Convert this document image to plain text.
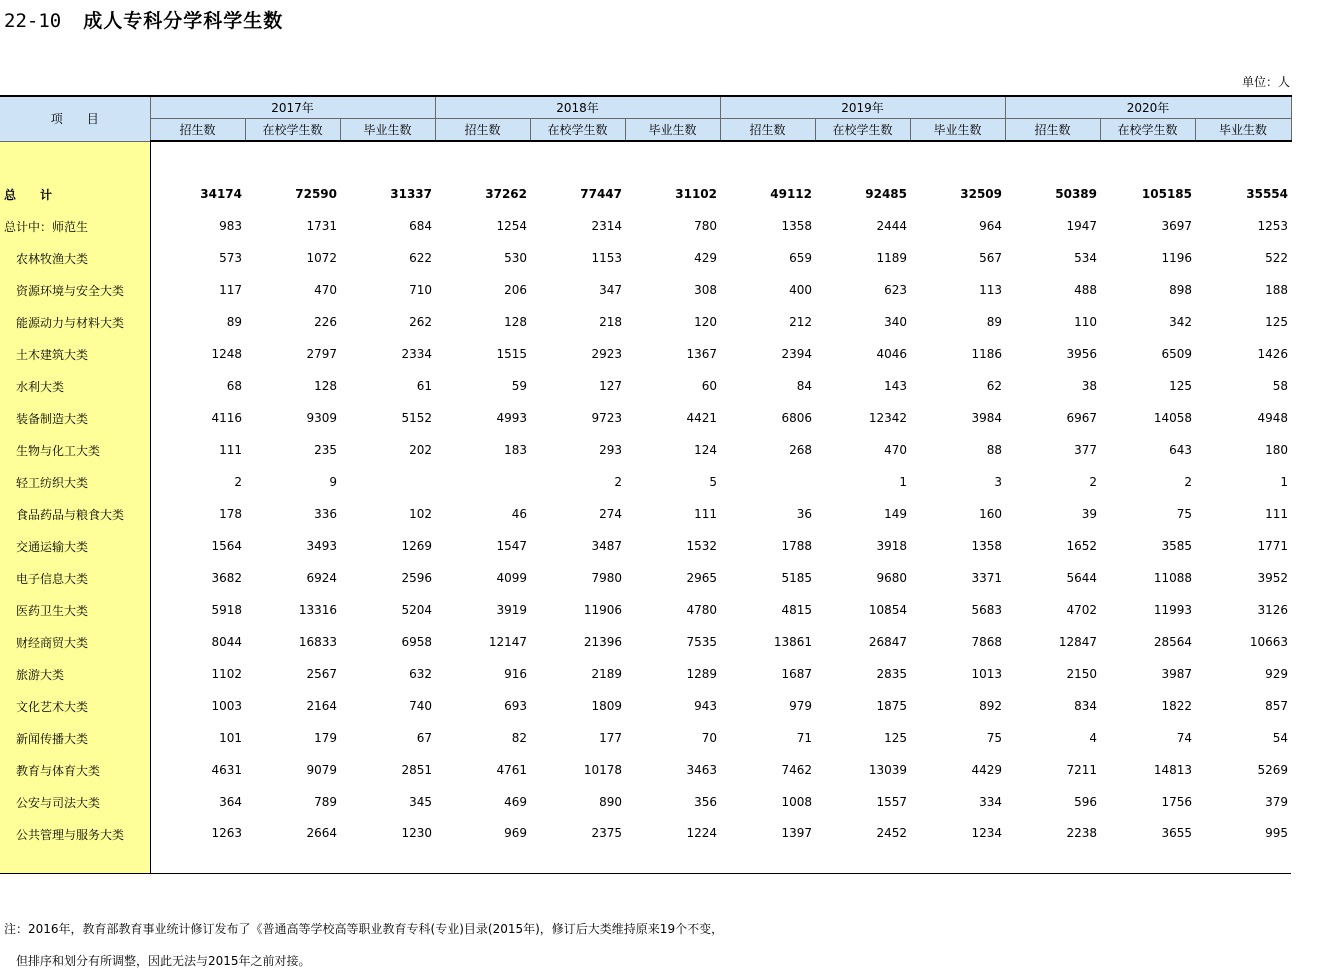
22-10 成人专科分学科学生数
单位：人
项　　目	2017年			2018年			2019年			2020年		
	招生数	在校学生数	毕业生数	招生数	在校学生数	毕业生数	招生数	在校学生数	毕业生数	招生数	在校学生数	毕业生数

总　　计	34174	72590	31337	37262	77447	31102	49112	92485	32509	50389	105185	35554
总计中：师范生	983	1731	684	1254	2314	780	1358	2444	964	1947	3697	1253
农林牧渔大类	573	1072	622	530	1153	429	659	1189	567	534	1196	522
资源环境与安全大类	117	470	710	206	347	308	400	623	113	488	898	188
能源动力与材料大类	89	226	262	128	218	120	212	340	89	110	342	125
土木建筑大类	1248	2797	2334	1515	2923	1367	2394	4046	1186	3956	6509	1426
水利大类	68	128	61	59	127	60	84	143	62	38	125	58
装备制造大类	4116	9309	5152	4993	9723	4421	6806	12342	3984	6967	14058	4948
生物与化工大类	111	235	202	183	293	124	268	470	88	377	643	180
轻工纺织大类	2	9			2	5		1	3	2	2	1
食品药品与粮食大类	178	336	102	46	274	111	36	149	160	39	75	111
交通运输大类	1564	3493	1269	1547	3487	1532	1788	3918	1358	1652	3585	1771
电子信息大类	3682	6924	2596	4099	7980	2965	5185	9680	3371	5644	11088	3952
医药卫生大类	5918	13316	5204	3919	11906	4780	4815	10854	5683	4702	11993	3126
财经商贸大类	8044	16833	6958	12147	21396	7535	13861	26847	7868	12847	28564	10663
旅游大类	1102	2567	632	916	2189	1289	1687	2835	1013	2150	3987	929
文化艺术大类	1003	2164	740	693	1809	943	979	1875	892	834	1822	857
新闻传播大类	101	179	67	82	177	70	71	125	75	4	74	54
教育与体育大类	4631	9079	2851	4761	10178	3463	7462	13039	4429	7211	14813	5269
公安与司法大类	364	789	345	469	890	356	1008	1557	334	596	1756	379
公共管理与服务大类	1263	2664	1230	969	2375	1224	1397	2452	1234	2238	3655	995
注：2016年，教育部教育事业统计修订发布了《普通高等学校高等职业教育专科(专业)目录(2015年)，修订后大类维持原来19个不变，
　但排序和划分有所调整，因此无法与2015年之前对接。
